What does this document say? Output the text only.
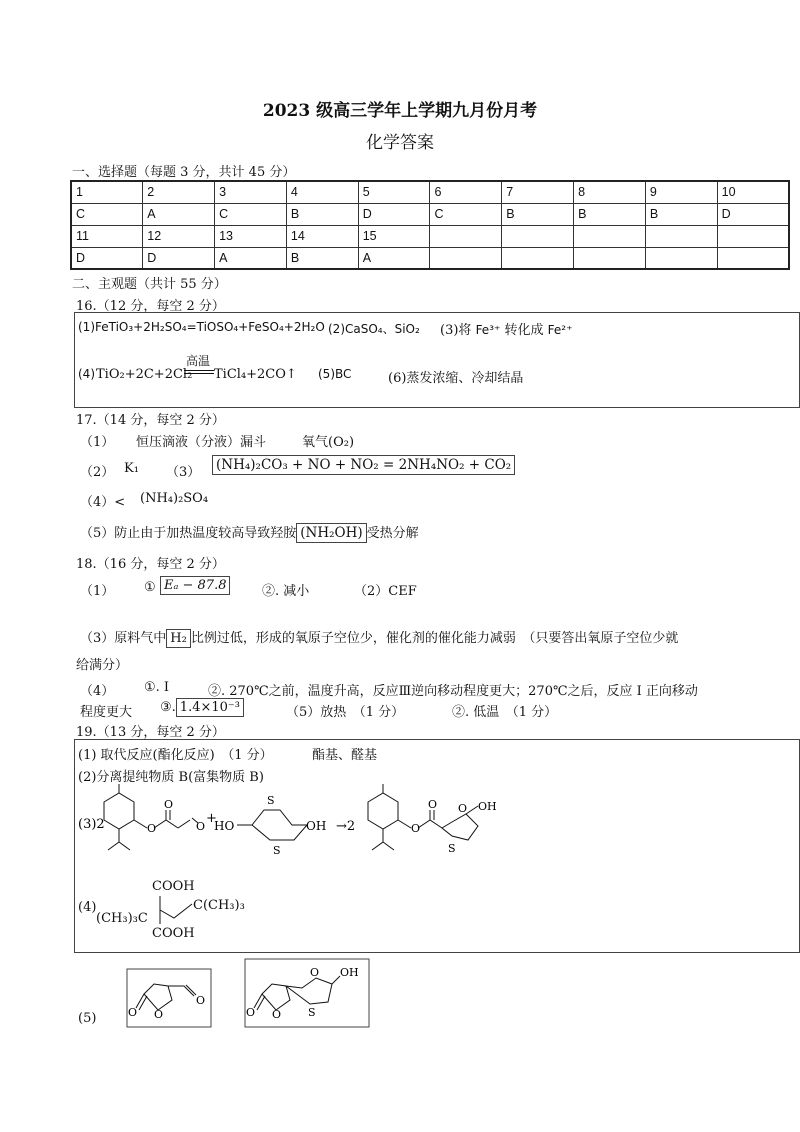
2023 级高三学年上学期九月份月考
化学答案
一、选择题（每题 3 分，共计 45 分）
1	2	3	4	5	6	7	8	9	10
C	A	C	B	D	C	B	B	B	D
11	12	13	14	15					
D	D	A	B	A					
二、主观题（共计 55 分）
16.（12 分，每空 2 分）
(1)FeTiO₃+2H₂SO₄=TiOSO₄+FeSO₄+2H₂O (2)CaSO₄、SiO₂ (3)将 Fe³⁺ 转化成 Fe²⁺
(4) TiO₂+2C+2Cl₂
高温
TiCl₄+2CO↑ (5)BC	(6)蒸发浓缩、冷却结晶
17.（14 分，每空 2 分）
（1） 恒压滴液（分液）漏斗	氧气(O₂)
（2） K₁ （3） (NH₄)₂CO₃ + NO + NO₂ = 2NH₄NO₂ + CO₂
（4）< (NH₄)₂SO₄
（5）防止由于加热温度较高导致羟胺 (NH₂OH) 受热分解
18.（16 分，每空 2 分）
（1） ① Eₐ − 87.8	②. 减小	（2）CEF
（3）原料气中 H₂ 比例过低，形成的氧原子空位少，催化剂的催化能力减弱　（只要答出氧原子空位少就
给满分）
（4） ①. Ⅰ	②. 270℃之前，温度升高，反应Ⅲ逆向移动程度更大；270℃之后，反应 Ⅰ 正向移动
程度更大 ③. 1.4×10⁻³	（5）放热　（1 分）	②. 低温　（1 分）
19.（13 分，每空 2 分）
(1) 取代反应(酯化反应)　（1 分）	酯基、醛基
(2)分离提纯物质 B(富集物质 B)
(3)2	O
O
O
+
HO
S
S
OH →2	O
O	OH
O
S
(4)
COOH
(CH₃)₃C
C(CH₃)₃
COOH
(5)	O O
O
O O
O
S
OH
